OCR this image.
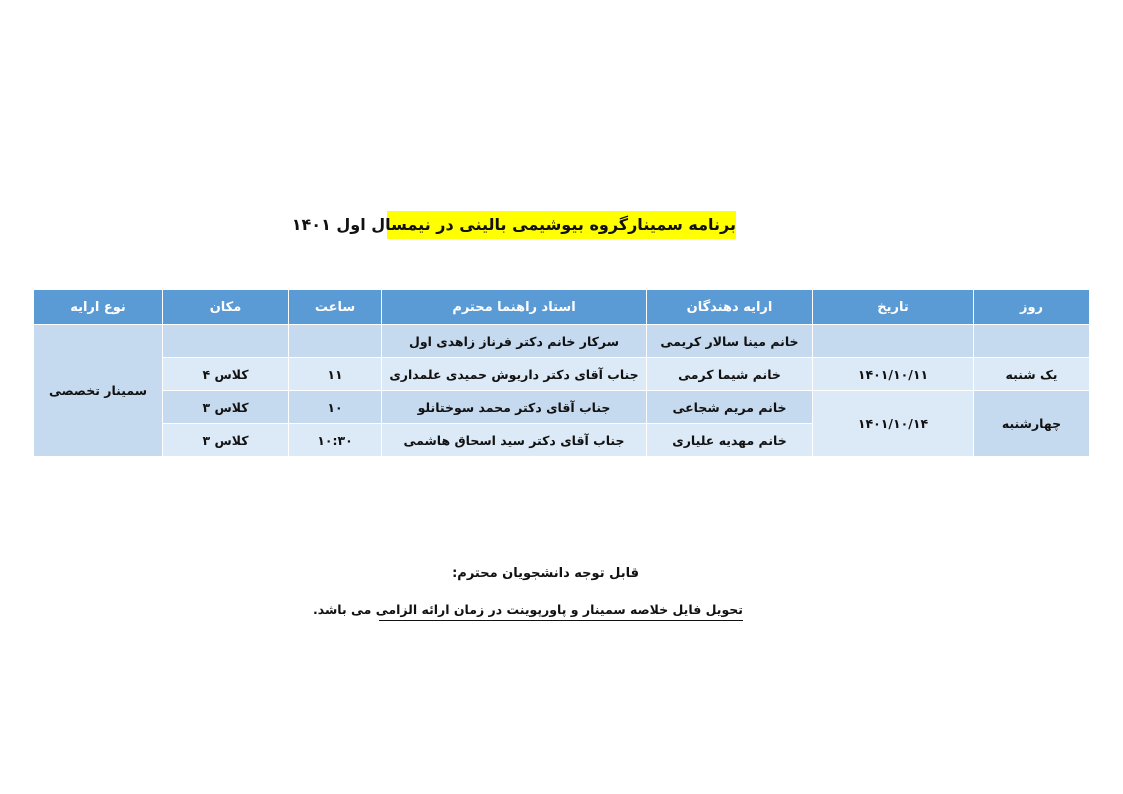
برنامه سمینارگروه بیوشیمی بالینی در نیمسال اول ۱۴۰۱
روز	تاریخ	ارایه دهندگان	استاد راهنما محترم	ساعت	مکان	نوع ارایه
		خانم مینا سالار کریمی	سرکار خانم دکتر فرناز زاهدی اول			سمینار تخصصی
یک شنبه	۱۴۰۱/۱۰/۱۱	خانم شیما کرمی	جناب آقای دکتر داریوش حمیدی علمداری	۱۱	کلاس ۴	
چهارشنبه	۱۴۰۱/۱۰/۱۴	خانم مریم شجاعی	جناب آقای دکتر محمد سوختانلو	۱۰	کلاس ۳	
		خانم مهدیه علیاری	جناب آقای دکتر سید اسحاق هاشمی	۱۰:۳۰	کلاس ۳	
قابل توجه دانشجویان محترم:
تحویل فایل خلاصه سمینار و پاورپوینت در زمان ارائه الزامی می باشد.
